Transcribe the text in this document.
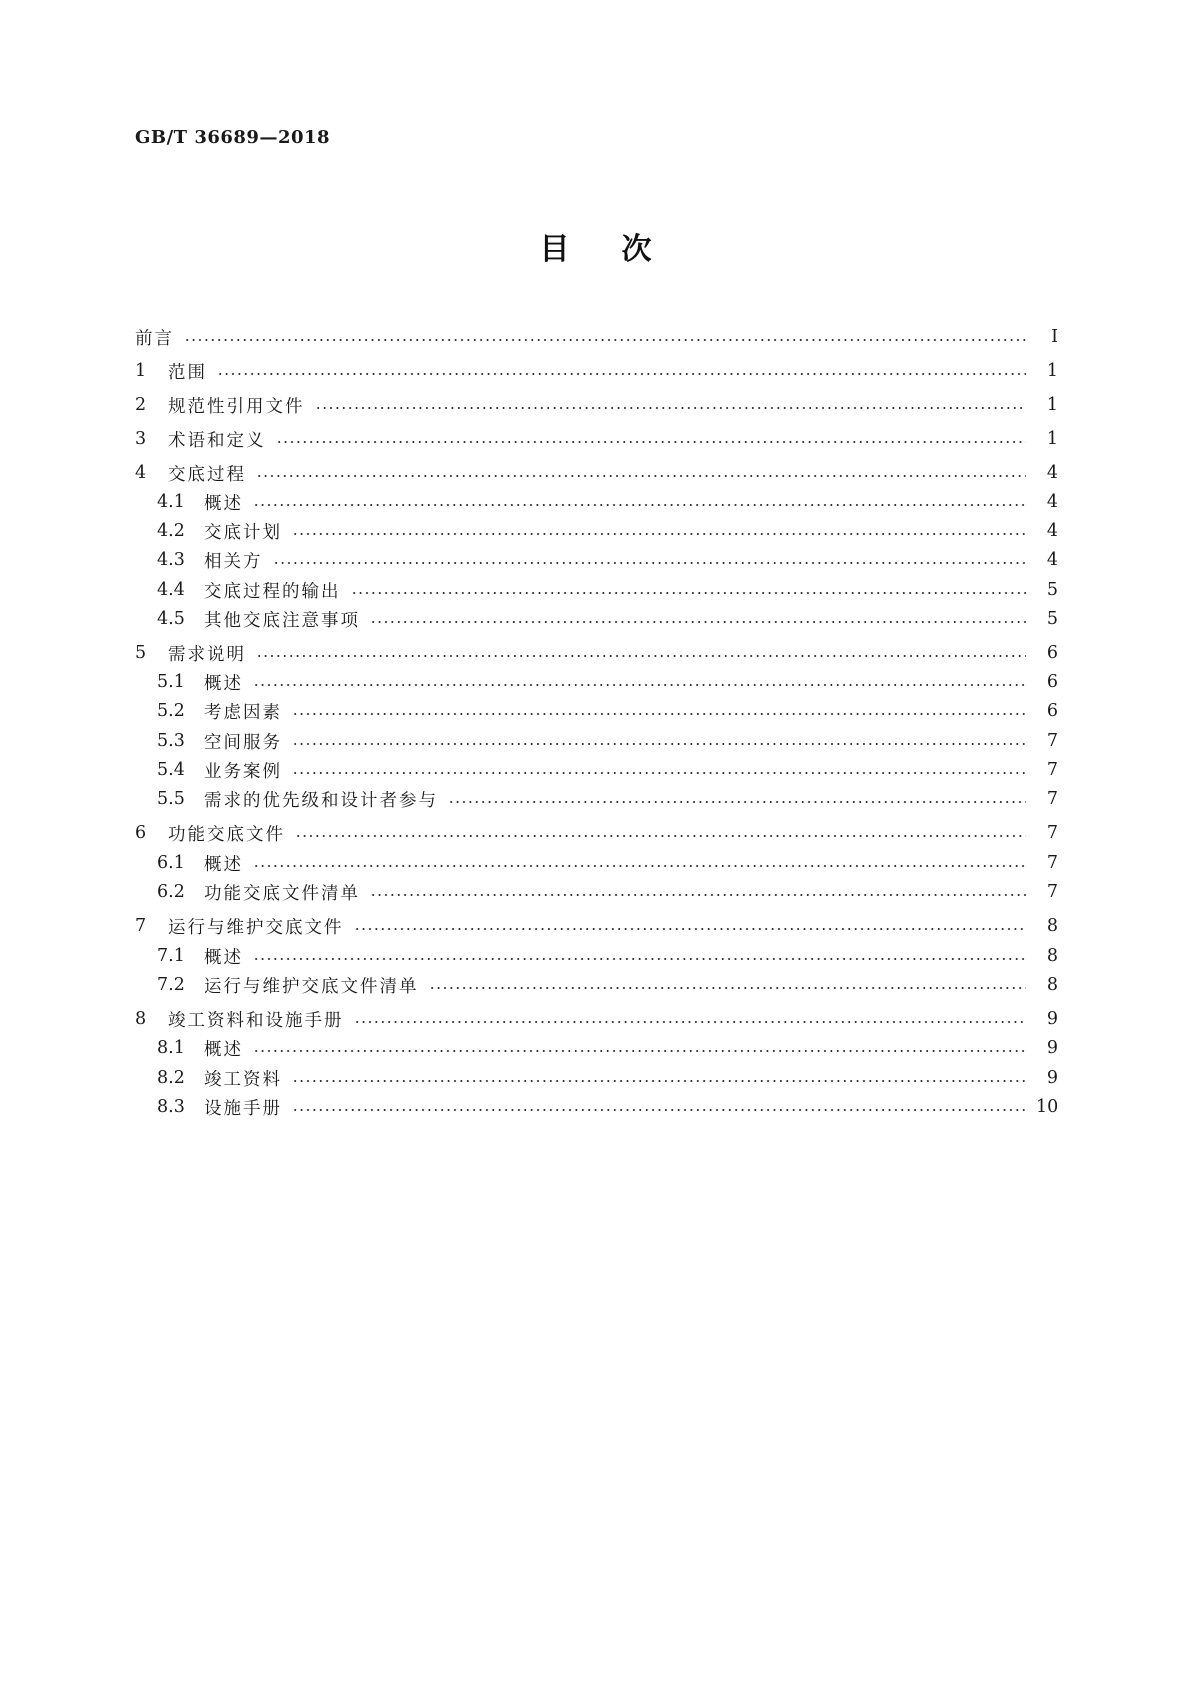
GB/T 36689—2018
目次
前言	Ⅰ
1	范围	1
2	规范性引用文件	1
3	术语和定义	1
4	交底过程	4
4.1	概述	4
4.2	交底计划	4
4.3	相关方	4
4.4	交底过程的输出	5
4.5	其他交底注意事项	5
5	需求说明	6
5.1	概述	6
5.2	考虑因素	6
5.3	空间服务	7
5.4	业务案例	7
5.5	需求的优先级和设计者参与	7
6	功能交底文件	7
6.1	概述	7
6.2	功能交底文件清单	7
7	运行与维护交底文件	8
7.1	概述	8
7.2	运行与维护交底文件清单	8
8	竣工资料和设施手册	9
8.1	概述	9
8.2	竣工资料	9
8.3	设施手册	10
